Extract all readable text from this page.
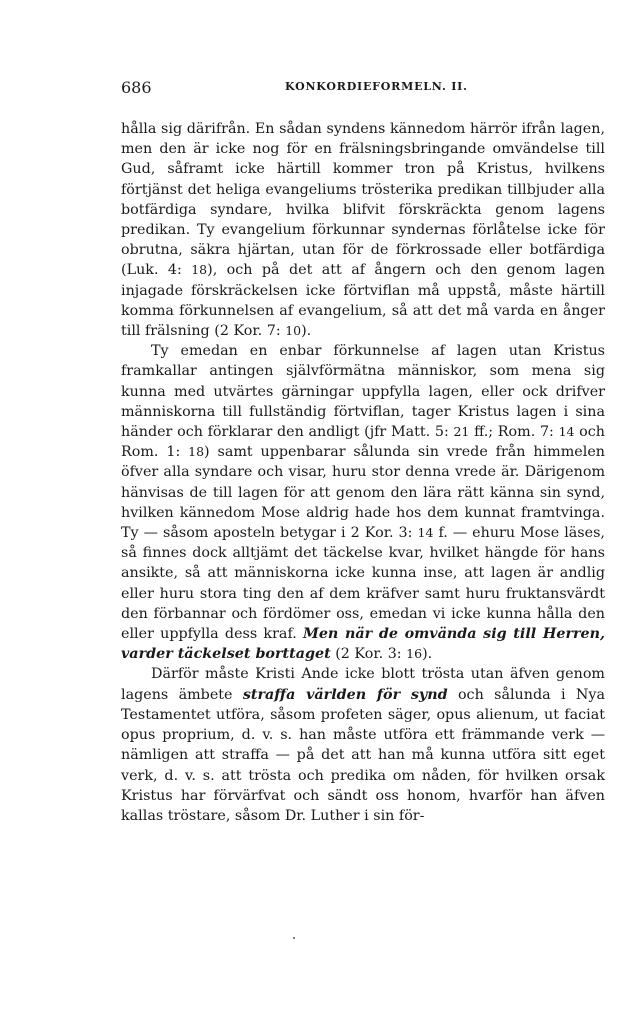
686	KONKORDIEFORMELN. II.

hålla sig därifrån. En sådan syndens kännedom härrör ifrån lagen, men den är icke nog för en frälsningsbringande omvändelse till Gud, såframt icke härtill kommer tron på Kristus, hvilkens förtjänst det heliga evangeliums trösterika predikan tillbjuder alla botfärdiga syndare, hvilka blifvit förskräckta genom lagens predikan. Ty evangelium förkunnar syndernas förlåtelse icke för obrutna, säkra hjärtan, utan för de förkrossade eller botfärdiga (Luk. 4: 18), och på det att af ångern och den genom lagen injagade förskräckelsen icke förtviflan må uppstå, måste härtill komma förkunnelsen af evangelium, så att det må varda en ånger till frälsning (2 Kor. 7: 10).

Ty emedan en enbar förkunnelse af lagen utan Kristus framkallar antingen självförmätna människor, som mena sig kunna med utvärtes gärningar uppfylla lagen, eller ock drifver människorna till fullständig förtviflan, tager Kristus lagen i sina händer och förklarar den andligt (jfr Matt. 5: 21 ff.; Rom. 7: 14 och Rom. 1: 18) samt uppenbarar sålunda sin vrede från himmelen öfver alla syndare och visar, huru stor denna vrede är. Därigenom hänvisas de till lagen för att genom den lära rätt känna sin synd, hvilken kännedom Mose aldrig hade hos dem kunnat framtvinga. Ty — såsom aposteln betygar i 2 Kor. 3: 14 f. — ehuru Mose läses, så finnes dock alltjämt det täckelse kvar, hvilket hängde för hans ansikte, så att människorna icke kunna inse, att lagen är andlig eller huru stora ting den af dem kräfver samt huru fruktansvärdt den förbannar och fördömer oss, emedan vi icke kunna hålla den eller uppfylla dess kraf. Men när de omvända sig till Herren, varder täckelset borttaget (2 Kor. 3: 16).

Därför måste Kristi Ande icke blott trösta utan äfven genom lagens ämbete straffa världen för synd och sålunda i Nya Testamentet utföra, såsom profeten säger, opus alienum, ut faciat opus proprium, d. v. s. han måste utföra ett främmande verk — nämligen att straffa — på det att han må kunna utföra sitt eget verk, d. v. s. att trösta och predika om nåden, för hvilken orsak Kristus har förvärfvat och sändt oss honom, hvarför han äfven kallas tröstare, såsom Dr. Luther i sin för-
